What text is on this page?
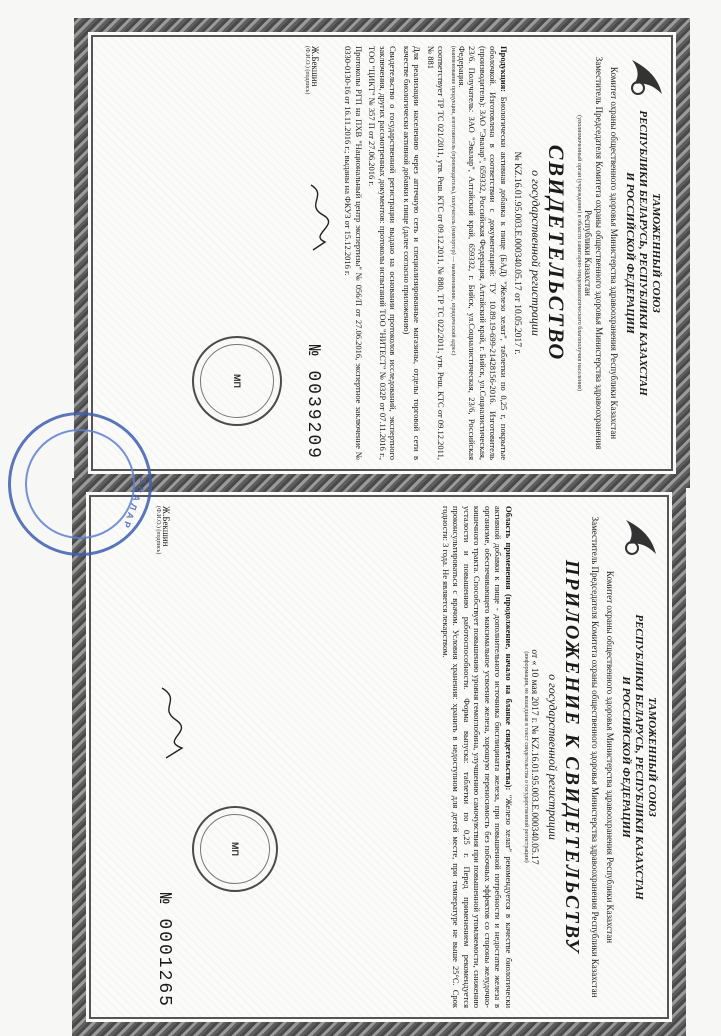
ТАМОЖЕННЫЙ СОЮЗ
РЕСПУБЛИКИ БЕЛАРУСЬ, РЕСПУБЛИКИ КАЗАХСТАН
И РОССИЙСКОЙ ФЕДЕРАЦИИ
Комитет охраны общественного здоровья Министерства здравоохранения Республики Казахстан
Заместитель Председателя Комитета охраны общественного здоровья Министерства здравоохранения Республики Казахстан
(уполномоченный орган (учреждение) в области санитарно-эпидемиологического благополучия населения)
СВИДЕТЕЛЬСТВО
о государственной регистрации
№ KZ.16.01.95.003.Е.000340.05.17 от 10.05.2017 г.
Продукция: Биологически активная добавка к пище (БАД) "Железо хелат", таблетки по 0,25 г, покрытые оболочкой. Изготовлена в соответствии с документацией: ТУ 10.89.19-699-21428156-2016. Изготовитель (производитель): ЗАО "Эвалар", 659332, Российская Федерация, Алтайский край, г. Бийск, ул.Социалистическая, 23/6. Получатель: ЗАО "Эвалар", Алтайский край, 659332, г. Бийск, ул.Социалистическая, 23/6, Российская Федерация.
(наименование продукции, изготовитель (производитель), получатель (импортер) — наименование, юридический адрес)
соответствует ТР ТС 021/2011, утв. Реш. КТС от 09.12.2011, № 880, ТР ТС 022/2011, утв. Реш. КТС от 09.12.2011, № 881
Для реализации населению через аптечную сеть и специализированные магазины, отделы торговой сети в качестве биологически активной добавки к пище (далее согласно приложению)
Свидетельство о государственной регистрации выдано на основании протоколов исследований, экспертного заключения, других рассмотренных документов: протоколы испытаний ТОО "НИТЕСТ" № 032Р от 07.11.2016 г., ТОО "ЦИКТ" № 357 П от 27.06.2016 г.
Протоколы РГП на ПХВ "Национальный центр экспертизы" № 056/П от 27.06.2016, экспертное заключение № 0330-0130-16 от 16.11.2016 г.; выданы на ФКУЗ от 15.12.2016 г.
Ж.Бекшин
(Ф.И.О.) (подпись)
№ 0039209
МП
ТАМОЖЕННЫЙ СОЮЗ
РЕСПУБЛИКИ БЕЛАРУСЬ, РЕСПУБЛИКИ КАЗАХСТАН
И РОССИЙСКОЙ ФЕДЕРАЦИИ
Комитет охраны общественного здоровья Министерства здравоохранения Республики Казахстан
Заместитель Председателя Комитета охраны общественного здоровья Министерства здравоохранения Республики Казахстан
ПРИЛОЖЕНИЕ К СВИДЕТЕЛЬСТВУ
о государственной регистрации
от « 10 мая 2017 г. № KZ.16.01.95.003.Е.000340.05.17
(информация, не вошедшая в текст свидетельства о государственной регистрации)
Область применения (продолжение, начало на бланке свидетельства): "Железо хелат" рекомендуется в качестве биологически активной добавки к пище - дополнительного источника бисглицината железа, при повышенной потребности и недостатке железа в организме, обеспечивающего максимальное усвоение железа, хорошую переносимость без побочных эффектов со стороны желудочно-кишечного тракта. Способствует повышению уровня гемоглобина, улучшению самочувствия при повышенной утомляемости, снижению усталости и повышению работоспособности. Форма выпуска: таблетки по 0,25 г. Перед применением рекомендуется проконсультироваться с врачом. Условия хранения: хранить в недоступном для детей месте, при температуре не выше 25°С. Срок годности: 3 года. Не является лекарством.
Ж.Бекшин
(Ф.И.О.) (подпись)
№ 0001265
МП
ЭВАЛАР
